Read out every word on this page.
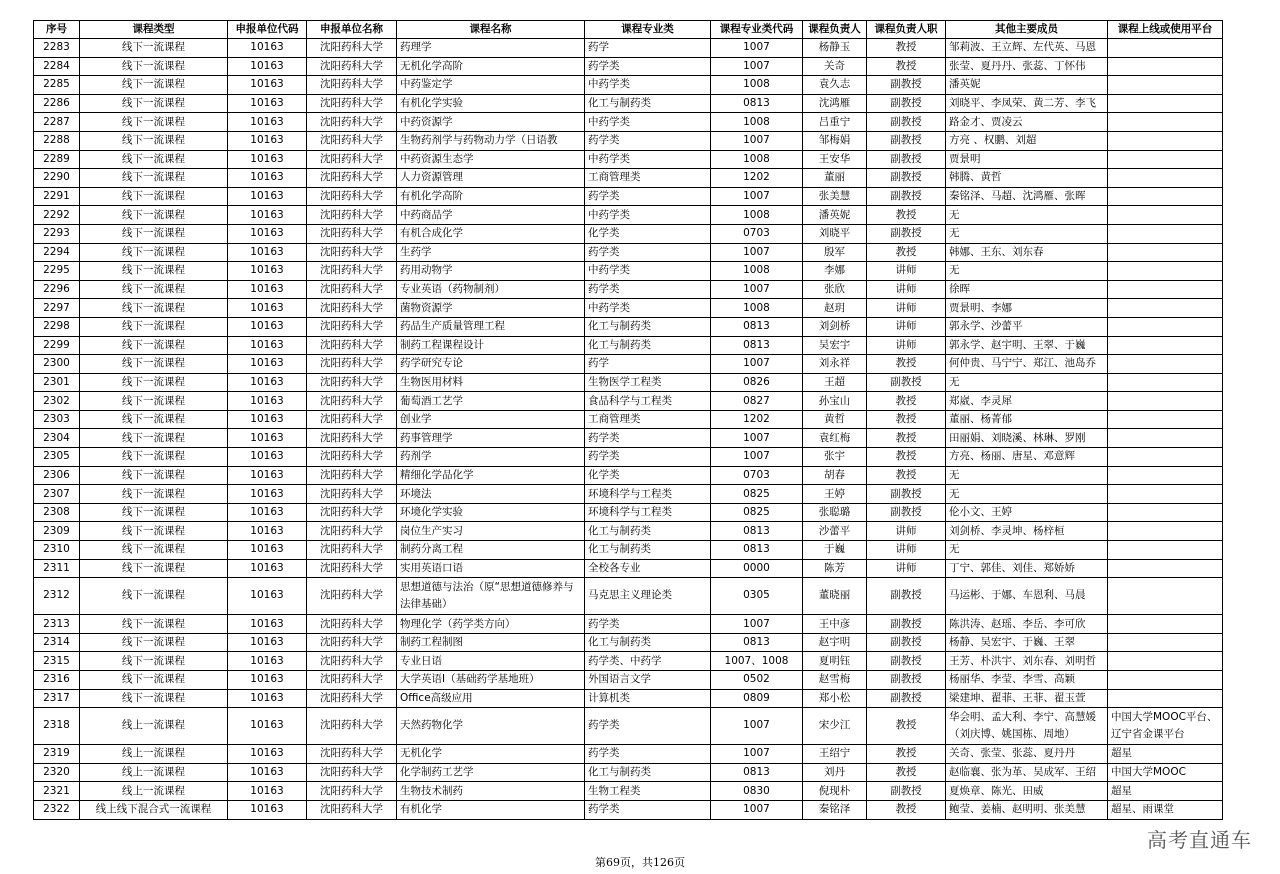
序号	课程类型	申报单位代码	申报单位名称	课程名称	课程专业类	课程专业类代码	课程负责人	课程负责人职	其他主要成员	课程上线或使用平台
2283	线下一流课程	10163	沈阳药科大学	药理学	药学	1007	杨静玉	教授	邹莉波、王立辉、左代英、马恩	
2284	线下一流课程	10163	沈阳药科大学	无机化学高阶	药学类	1007	关奇	教授	张莹、夏丹丹、张蕊、丁怀伟	
2285	线下一流课程	10163	沈阳药科大学	中药鉴定学	中药学类	1008	袁久志	副教授	潘英妮	
2286	线下一流课程	10163	沈阳药科大学	有机化学实验	化工与制药类	0813	沈鸿雁	副教授	刘晓平、李凤荣、黄二芳、李飞	
2287	线下一流课程	10163	沈阳药科大学	中药资源学	中药学类	1008	吕重宁	副教授	路金才、贾凌云	
2288	线下一流课程	10163	沈阳药科大学	生物药剂学与药物动力学（日语教	药学类	1007	邹梅娟	副教授	方亮 、权鹏、刘超	
2289	线下一流课程	10163	沈阳药科大学	中药资源生态学	中药学类	1008	王安华	副教授	贾景明	
2290	线下一流课程	10163	沈阳药科大学	人力资源管理	工商管理类	1202	董丽	副教授	韩腾、黄哲	
2291	线下一流课程	10163	沈阳药科大学	有机化学高阶	药学类	1007	张美慧	副教授	秦铭泽、马超、沈鸿雁、张晖	
2292	线下一流课程	10163	沈阳药科大学	中药商品学	中药学类	1008	潘英妮	教授	无	
2293	线下一流课程	10163	沈阳药科大学	有机合成化学	化学类	0703	刘晓平	副教授	无	
2294	线下一流课程	10163	沈阳药科大学	生药学	药学类	1007	殷军	教授	韩娜、王东、刘东春	
2295	线下一流课程	10163	沈阳药科大学	药用动物学	中药学类	1008	李娜	讲师	无	
2296	线下一流课程	10163	沈阳药科大学	专业英语（药物制剂）	药学类	1007	张欣	讲师	徐晖	
2297	线下一流课程	10163	沈阳药科大学	菌物资源学	中药学类	1008	赵玥	讲师	贾景明、李娜	
2298	线下一流课程	10163	沈阳药科大学	药品生产质量管理工程	化工与制药类	0813	刘剑桥	讲师	郭永学、沙蕾平	
2299	线下一流课程	10163	沈阳药科大学	制药工程课程设计	化工与制药类	0813	吴宏宇	讲师	郭永学、赵宇明、王翠、于巍	
2300	线下一流课程	10163	沈阳药科大学	药学研究专论	药学	1007	刘永祥	教授	何仲贵、马宁宁、郑江、池岛乔	
2301	线下一流课程	10163	沈阳药科大学	生物医用材料	生物医学工程类	0826	王超	副教授	无	
2302	线下一流课程	10163	沈阳药科大学	葡萄酒工艺学	食品科学与工程类	0827	孙宝山	教授	郑崴、李灵犀	
2303	线下一流课程	10163	沈阳药科大学	创业学	工商管理类	1202	黄哲	教授	董丽、杨菁郁	
2304	线下一流课程	10163	沈阳药科大学	药事管理学	药学类	1007	袁红梅	教授	田丽娟、刘晓溪、林琳、罗刚	
2305	线下一流课程	10163	沈阳药科大学	药剂学	药学类	1007	张宇	教授	方亮、杨丽、唐星、邓意辉	
2306	线下一流课程	10163	沈阳药科大学	精细化学品化学	化学类	0703	胡春	教授	无	
2307	线下一流课程	10163	沈阳药科大学	环境法	环境科学与工程类	0825	王婷	副教授	无	
2308	线下一流课程	10163	沈阳药科大学	环境化学实验	环境科学与工程类	0825	张聪璐	副教授	伦小文、王婷	
2309	线下一流课程	10163	沈阳药科大学	岗位生产实习	化工与制药类	0813	沙蕾平	讲师	刘剑桥、李灵坤、杨梓桓	
2310	线下一流课程	10163	沈阳药科大学	制药分离工程	化工与制药类	0813	于巍	讲师	无	
2311	线下一流课程	10163	沈阳药科大学	实用英语口语	全校各专业	0000	陈芳	讲师	丁宁、郭佳、刘佳、郑娇娇	
2312	线下一流课程	10163	沈阳药科大学	思想道德与法治（原“思想道德修养与法律基础）	马克思主义理论类	0305	董晓丽	副教授	马运彬、于娜、车恩利、马晨	
2313	线下一流课程	10163	沈阳药科大学	物理化学（药学类方向）	药学类	1007	王中彦	副教授	陈洪涛、赵瑶、李岳、李可欣	
2314	线下一流课程	10163	沈阳药科大学	制药工程制图	化工与制药类	0813	赵宇明	副教授	杨静、吴宏宇、于巍、王翠	
2315	线下一流课程	10163	沈阳药科大学	专业日语	药学类、中药学	1007、1008	夏明钰	副教授	王芳、朴洪宇、刘东春、刘明哲	
2316	线下一流课程	10163	沈阳药科大学	大学英语Ⅰ（基础药学基地班）	外国语言文学	0502	赵雪梅	副教授	杨丽华、李莹、李雪、高颖	
2317	线下一流课程	10163	沈阳药科大学	Office高级应用	计算机类	0809	郑小松	副教授	梁建坤、翟菲、王菲、翟玉萱	
2318	线上一流课程	10163	沈阳药科大学	天然药物化学	药学类	1007	宋少江	教授	华会明、孟大利、李宁、高慧媛（刘庆博、姚国栋、周地）	中国大学MOOC平台、辽宁省金课平台
2319	线上一流课程	10163	沈阳药科大学	无机化学	药学类	1007	王绍宁	教授	关奇、张莹、张蕊、夏丹丹	超星
2320	线上一流课程	10163	沈阳药科大学	化学制药工艺学	化工与制药类	0813	刘丹	教授	赵临襄、张为革、吴成军、王绍	中国大学MOOC
2321	线上一流课程	10163	沈阳药科大学	生物技术制药	生物工程类	0830	倪现朴	副教授	夏焕章、陈光、田威	超星
2322	线上线下混合式一流课程	10163	沈阳药科大学	有机化学	药学类	1007	秦铭泽	教授	鲍莹、姜楠、赵明明、张美慧	超星、雨课堂
第69页，共126页
高考直通车
